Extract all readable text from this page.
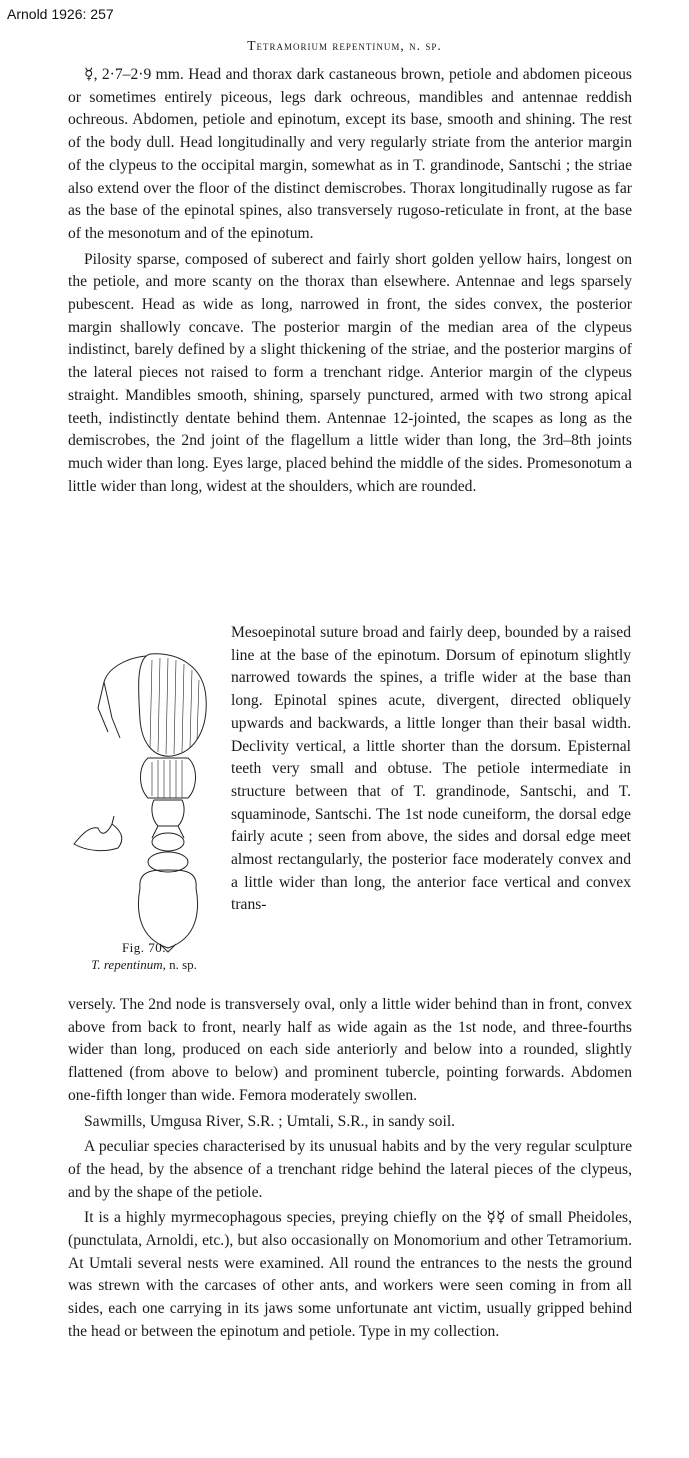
Arnold 1926: 257
Tetramorium repentinum, n. sp.

☿, 2·7–2·9 mm. Head and thorax dark castaneous brown, petiole and abdomen piceous or sometimes entirely piceous, legs dark ochreous, mandibles and antennae reddish ochreous. Abdomen, petiole and epinotum, except its base, smooth and shining. The rest of the body dull. Head longitudinally and very regularly striate from the anterior margin of the clypeus to the occipital margin, somewhat as in T. grandinode, Santschi ; the striae also extend over the floor of the distinct demiscrobes. Thorax longitudinally rugose as far as the base of the epinotal spines, also transversely rugoso-reticulate in front, at the base of the mesonotum and of the epinotum.

Pilosity sparse, composed of suberect and fairly short golden yellow hairs, longest on the petiole, and more scanty on the thorax than elsewhere. Antennae and legs sparsely pubescent. Head as wide as long, narrowed in front, the sides convex, the posterior margin shallowly concave. The posterior margin of the median area of the clypeus indistinct, barely defined by a slight thickening of the striae, and the posterior margins of the lateral pieces not raised to form a trenchant ridge. Anterior margin of the clypeus straight. Mandibles smooth, shining, sparsely punctured, armed with two strong apical teeth, indistinctly dentate behind them. Antennae 12-jointed, the scapes as long as the demiscrobes, the 2nd joint of the flagellum a little wider than long, the 3rd–8th joints much wider than long. Eyes large, placed behind the middle of the sides. Promesonotum a little wider than long, widest at the shoulders, which are rounded.

Fig. 70.
T. repentinum, n. sp.
Mesoepinotal suture broad and fairly deep, bounded by a raised line at the base of the epinotum. Dorsum of epinotum slightly narrowed towards the spines, a trifle wider at the base than long. Epinotal spines acute, divergent, directed obliquely upwards and backwards, a little longer than their basal width. Declivity vertical, a little shorter than the dorsum. Episternal teeth very small and obtuse. The petiole intermediate in structure between that of T. grandinode, Santschi, and T. squaminode, Santschi. The 1st node cuneiform, the dorsal edge fairly acute ; seen from above, the sides and dorsal edge meet almost rectangularly, the posterior face moderately convex and a little wider than long, the anterior face vertical and convex trans-

versely. The 2nd node is transversely oval, only a little wider behind than in front, convex above from back to front, nearly half as wide again as the 1st node, and three-fourths wider than long, produced on each side anteriorly and below into a rounded, slightly flattened (from above to below) and prominent tubercle, pointing forwards. Abdomen one-fifth longer than wide. Femora moderately swollen.

Sawmills, Umgusa River, S.R. ; Umtali, S.R., in sandy soil.

A peculiar species characterised by its unusual habits and by the very regular sculpture of the head, by the absence of a trenchant ridge behind the lateral pieces of the clypeus, and by the shape of the petiole.

It is a highly myrmecophagous species, preying chiefly on the ☿☿ of small Pheidoles, (punctulata, Arnoldi, etc.), but also occasionally on Monomorium and other Tetramorium. At Umtali several nests were examined. All round the entrances to the nests the ground was strewn with the carcases of other ants, and workers were seen coming in from all sides, each one carrying in its jaws some unfortunate ant victim, usually gripped behind the head or between the epinotum and petiole. Type in my collection.
